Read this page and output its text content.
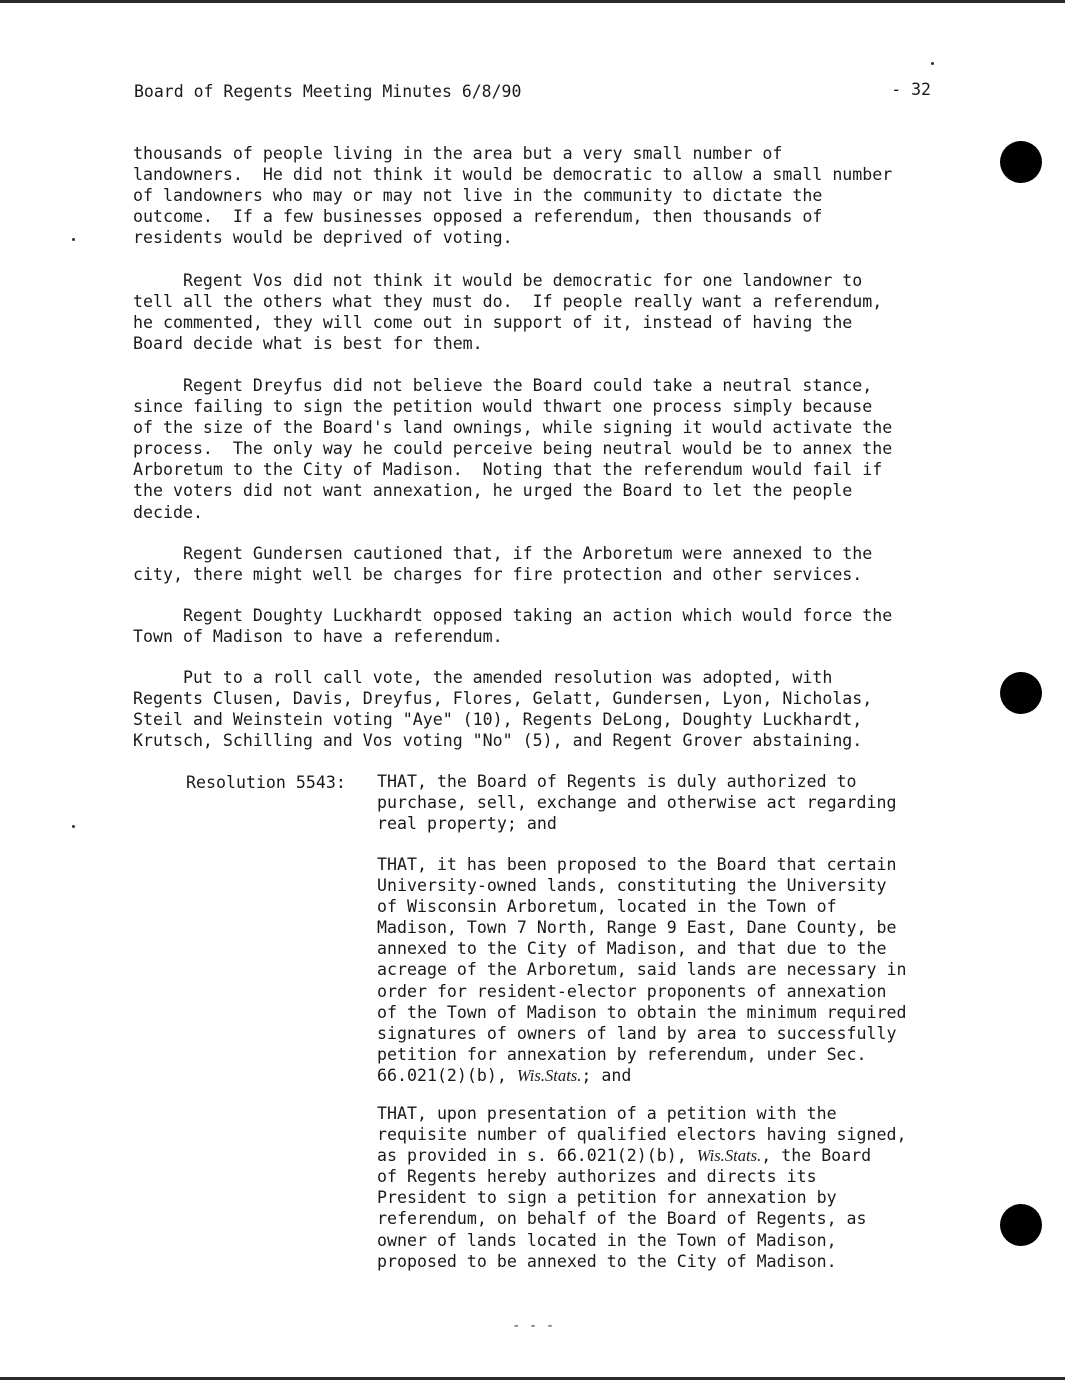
Board of Regents Meeting Minutes 6/8/90	- 32
thousands of people living in the area but a very small number of
landowners.  He did not think it would be democratic to allow a small number
of landowners who may or may not live in the community to dictate the
outcome.  If a few businesses opposed a referendum, then thousands of
residents would be deprived of voting.
Regent Vos did not think it would be democratic for one landowner to
tell all the others what they must do.  If people really want a referendum,
he commented, they will come out in support of it, instead of having the
Board decide what is best for them.
Regent Dreyfus did not believe the Board could take a neutral stance,
since failing to sign the petition would thwart one process simply because
of the size of the Board's land ownings, while signing it would activate the
process.  The only way he could perceive being neutral would be to annex the
Arboretum to the City of Madison.  Noting that the referendum would fail if
the voters did not want annexation, he urged the Board to let the people
decide.
Regent Gundersen cautioned that, if the Arboretum were annexed to the
city, there might well be charges for fire protection and other services.
Regent Doughty Luckhardt opposed taking an action which would force the
Town of Madison to have a referendum.
Put to a roll call vote, the amended resolution was adopted, with
Regents Clusen, Davis, Dreyfus, Flores, Gelatt, Gundersen, Lyon, Nicholas,
Steil and Weinstein voting "Aye" (10), Regents DeLong, Doughty Luckhardt,
Krutsch, Schilling and Vos voting "No" (5), and Regent Grover abstaining.
Resolution 5543: THAT, the Board of Regents is duly authorized to
purchase, sell, exchange and otherwise act regarding
real property; and
THAT, it has been proposed to the Board that certain
University-owned lands, constituting the University
of Wisconsin Arboretum, located in the Town of
Madison, Town 7 North, Range 9 East, Dane County, be
annexed to the City of Madison, and that due to the
acreage of the Arboretum, said lands are necessary in
order for resident-elector proponents of annexation
of the Town of Madison to obtain the minimum required
signatures of owners of land by area to successfully
petition for annexation by referendum, under Sec.
66.021(2)(b), Wis.Stats.; and
THAT, upon presentation of a petition with the
requisite number of qualified electors having signed,
as provided in s. 66.021(2)(b), Wis.Stats., the Board
of Regents hereby authorizes and directs its
President to sign a petition for annexation by
referendum, on behalf of the Board of Regents, as
owner of lands located in the Town of Madison,
proposed to be annexed to the City of Madison.
- - -
